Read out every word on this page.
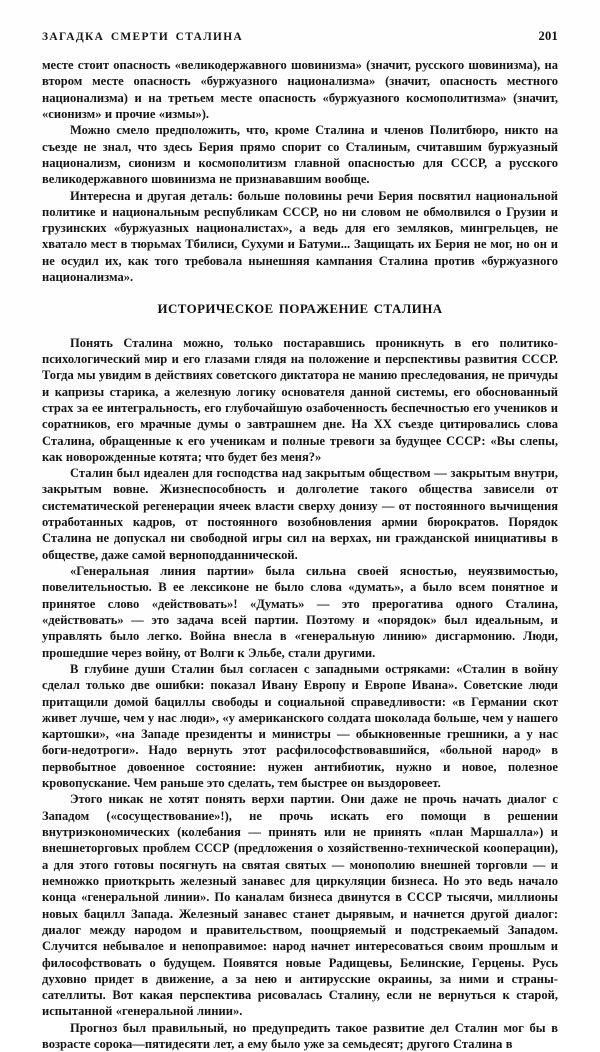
ЗАГАДКА СМЕРТИ СТАЛИНА	201

месте стоит опасность «великодержавного шовинизма» (значит, русского шовинизма), на втором месте опасность «буржуазного национализма» (значит, опасность местного национализма) и на третьем месте опасность «буржуазного космополитизма» (значит, «сионизм» и прочие «измы»).

Можно смело предположить, что, кроме Сталина и членов Политбюро, никто на съезде не знал, что здесь Берия прямо спорит со Сталиным, считавшим буржуазный национализм, сионизм и космополитизм главной опасностью для СССР, а русского великодержавного шовинизма не признававшим вообще.

Интересна и другая деталь: больше половины речи Берия посвятил национальной политике и национальным республикам СССР, но ни словом не обмолвился о Грузии и грузинских «буржуазных националистах», а ведь для его земляков, мингрельцев, не хватало мест в тюрьмах Тбилиси, Сухуми и Батуми... Защищать их Берия не мог, но он и не осудил их, как того требовала нынешняя кампания Сталина против «буржуазного национализма».

ИСТОРИЧЕСКОЕ ПОРАЖЕНИЕ СТАЛИНА

Понять Сталина можно, только постаравшись проникнуть в его политико-психологический мир и его глазами глядя на положение и перспективы развития СССР. Тогда мы увидим в действиях советского диктатора не манию преследования, не причуды и капризы старика, а железную логику основателя данной системы, его обоснованный страх за ее интегральность, его глубочайшую озабоченность беспечностью его учеников и соратников, его мрачные думы о завтрашнем дне. На XX съезде цитировались слова Сталина, обращенные к его ученикам и полные тревоги за будущее СССР: «Вы слепы, как новорожденные котята; что будет без меня?»

Сталин был идеален для господства над закрытым обществом — закрытым внутри, закрытым вовне. Жизнеспособность и долголетие такого общества зависели от систематической регенерации ячеек власти сверху донизу — от постоянного вычищения отработанных кадров, от постоянного возобновления армии бюрократов. Порядок Сталина не допускал ни свободной игры сил на верхах, ни гражданской инициативы в обществе, даже самой верноподданнической.

«Генеральная линия партии» была сильна своей ясностью, неуязвимостью, повелительностью. В ее лексиконе не было слова «думать», а было всем понятное и принятое слово «действовать»! «Думать» — это прерогатива одного Сталина, «действовать» — это задача всей партии. Поэтому и «порядок» был идеальным, и управлять было легко. Война внесла в «генеральную линию» дисгармонию. Люди, прошедшие через войну, от Волги к Эльбе, стали другими.

В глубине души Сталин был согласен с западными остряками: «Сталин в войну сделал только две ошибки: показал Ивану Европу и Европе Ивана». Советские люди притащили домой бациллы свободы и социальной справедливости: «в Германии скот живет лучше, чем у нас люди», «у американского солдата шоколада больше, чем у нашего картошки», «на Западе президенты и министры — обыкновенные грешники, а у нас боги-недотроги». Надо вернуть этот расфилософствовавшийся, «больной народ» в первобытное довоенное состояние: нужен антибиотик, нужно и новое, полезное кровопускание. Чем раньше это сделать, тем быстрее он выздоровеет.

Этого никак не хотят понять верхи партии. Они даже не прочь начать диалог с Западом («сосуществование»!), не прочь искать его помощи в решении внутриэкономических (колебания — принять или не принять «план Маршалла») и внешнеторговых проблем СССР (предложения о хозяйственно-технической кооперации), а для этого готовы посягнуть на святая святых — монополию внешней торговли — и немножко приоткрыть железный занавес для циркуляции бизнеса. Но это ведь начало конца «генеральной линии». По каналам бизнеса двинутся в СССР тысячи, миллионы новых бацилл Запада. Железный занавес станет дырявым, и начнется другой диалог: диалог между народом и правительством, поощряемый и подстрекаемый Западом. Случится небывалое и непоправимое: народ начнет интересоваться своим прошлым и философствовать о будущем. Появятся новые Радищевы, Белинские, Герцены. Русь духовно придет в движение, а за нею и антирусские окраины, за ними и страны-сателлиты. Вот какая перспектива рисовалась Сталину, если не вернуться к старой, испытанной «генеральной линии».

Прогноз был правильный, но предупредить такое развитие дел Сталин мог бы в возрасте сорока—пятидесяти лет, а ему было уже за семьдесят; другого Сталина в
